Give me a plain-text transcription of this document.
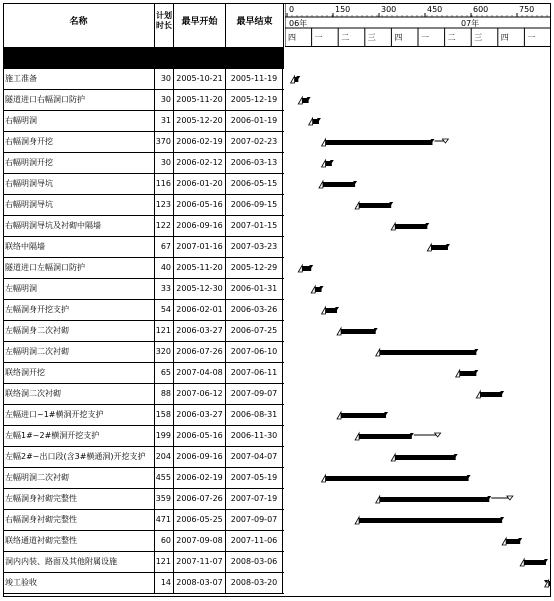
名称
计划
时长	最早开始	最早结束
0	150	300	450	600	750
06年	07年
四 一 二 三 四 一 二 三 四 一
施工准备	30 2005-10-21	2005-11-19
隧道进口右幅洞口防护	30 2005-11-20	2005-12-19
右幅明洞	31 2005-12-20	2006-01-19
右幅洞身开挖	370 2006-02-19	2007-02-23
右幅明洞开挖	30 2006-02-12	2006-03-13
右幅明洞导坑	116 2006-01-20	2006-05-15
右幅明洞导坑	123 2006-05-16	2006-09-15
右幅明洞导坑及衬砌中隔墙	122 2006-09-16	2007-01-15
联络中隔墙	67 2007-01-16	2007-03-23
隧道进口左幅洞口防护	40 2005-11-20	2005-12-29
左幅明洞	33 2005-12-30	2006-01-31
左幅洞身开挖支护	54 2006-02-01	2006-03-26
左幅洞身二次衬砌	121 2006-03-27	2006-07-25
左幅明洞二次衬砌	320 2006-07-26	2007-06-10
联络洞开挖	65 2007-04-08	2007-06-11
联络洞二次衬砌	88 2007-06-12	2007-09-07
左幅进口~1#横洞开挖支护	158 2006-03-27	2006-08-31
左幅1#~2#横洞开挖支护	199 2006-05-16	2006-11-30
左幅2#~出口段(含3#横通洞)开挖支护	204 2006-09-16	2007-04-07
左幅明洞二次衬砌	455 2006-02-19	2007-05-19
左幅洞身衬砌完整性	359 2006-07-26	2007-07-19
右幅洞身衬砌完整性	471 2006-05-25	2007-09-07
联络通道衬砌完整性	60 2007-09-08	2007-11-06
洞内内装、路面及其他附属设施	121 2007-11-07	2008-03-06
竣工验收	14 2008-03-07	2008-03-20
